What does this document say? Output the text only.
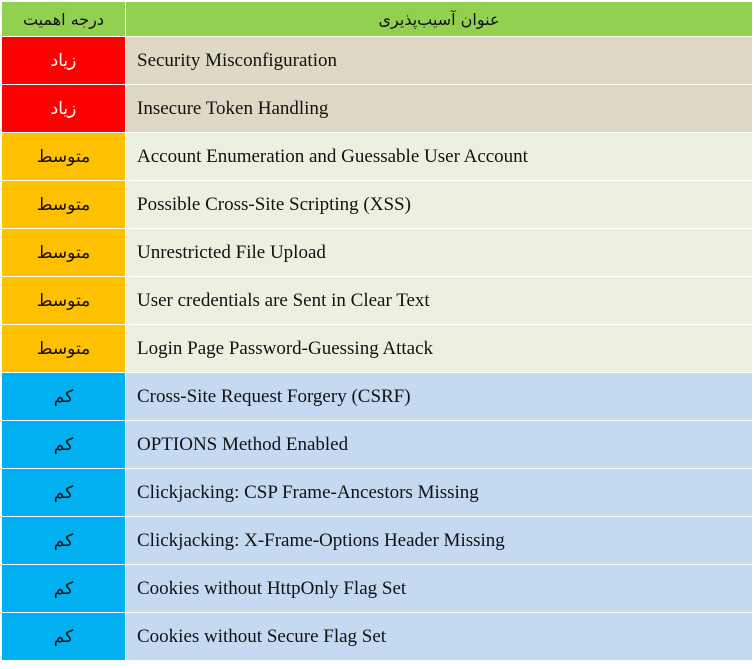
درجه اهمیت	عنوان آسیب‌پذیری
زیاد	Security Misconfiguration
زیاد	Insecure Token Handling
متوسط	Account Enumeration and Guessable User Account
متوسط	Possible Cross-Site Scripting (XSS)
متوسط	Unrestricted File Upload
متوسط	User credentials are Sent in Clear Text
متوسط	Login Page Password-Guessing Attack
کم	Cross-Site Request Forgery (CSRF)
کم	OPTIONS Method Enabled
کم	Clickjacking: CSP Frame-Ancestors Missing
کم	Clickjacking: X-Frame-Options Header Missing
کم	Cookies without HttpOnly Flag Set
کم	Cookies without Secure Flag Set
